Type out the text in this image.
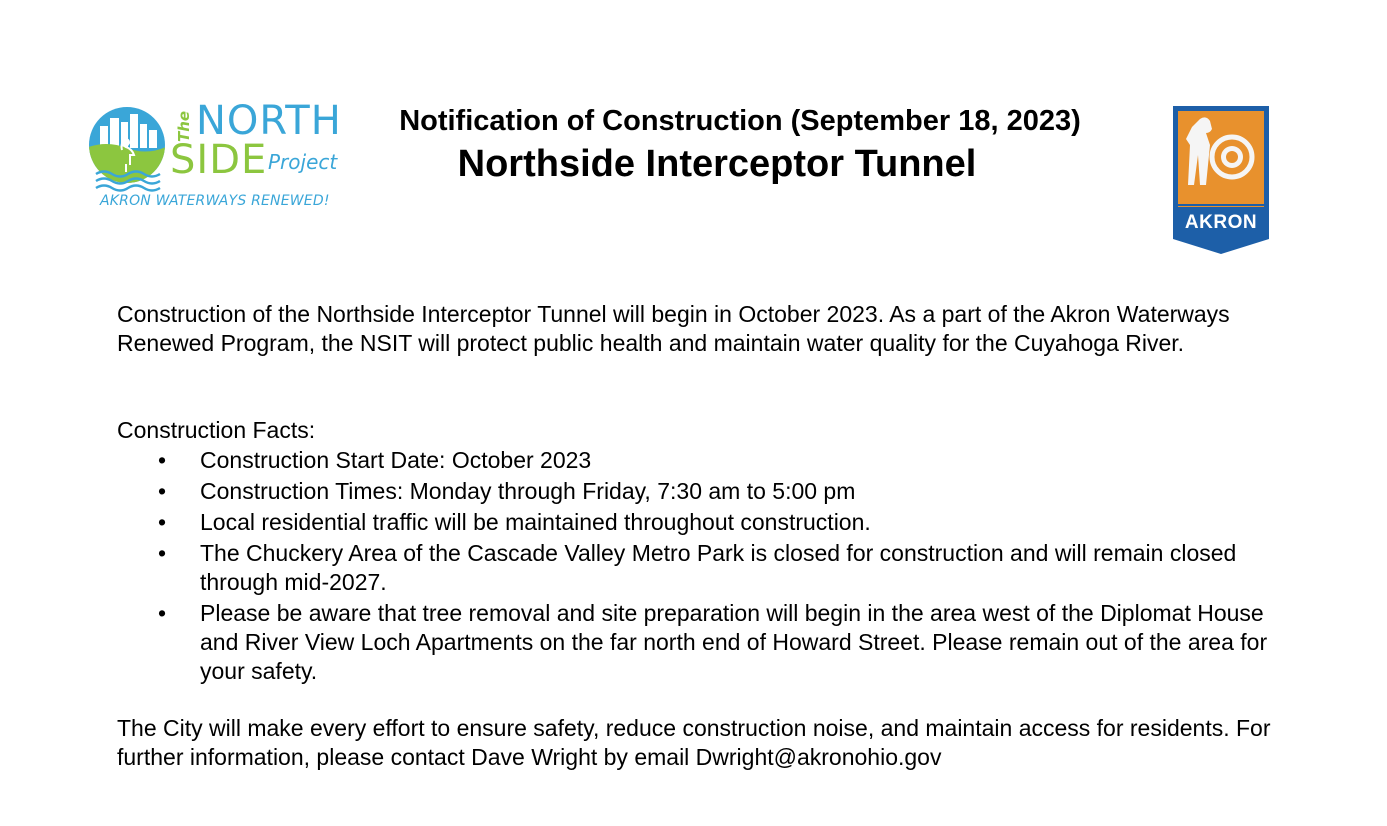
The NORTH
SIDE Project
AKRON WATERWAYS RENEWED!
Notification of Construction (September 18, 2023)
Northside Interceptor Tunnel
AKRON
Construction of the Northside Interceptor Tunnel will begin in October 2023. As a part of the Akron Waterways Renewed Program, the NSIT will protect public health and maintain water quality for the Cuyahoga River.
Construction Facts:
• Construction Start Date: October 2023
• Construction Times: Monday through Friday, 7:30 am to 5:00 pm
• Local residential traffic will be maintained throughout construction.
• The Chuckery Area of the Cascade Valley Metro Park is closed for construction and will remain closed through mid-2027.
• Please be aware that tree removal and site preparation will begin in the area west of the Diplomat House and River View Loch Apartments on the far north end of Howard Street. Please remain out of the area for your safety.
The City will make every effort to ensure safety, reduce construction noise, and maintain access for residents. For further information, please contact Dave Wright by email Dwright@akronohio.gov
